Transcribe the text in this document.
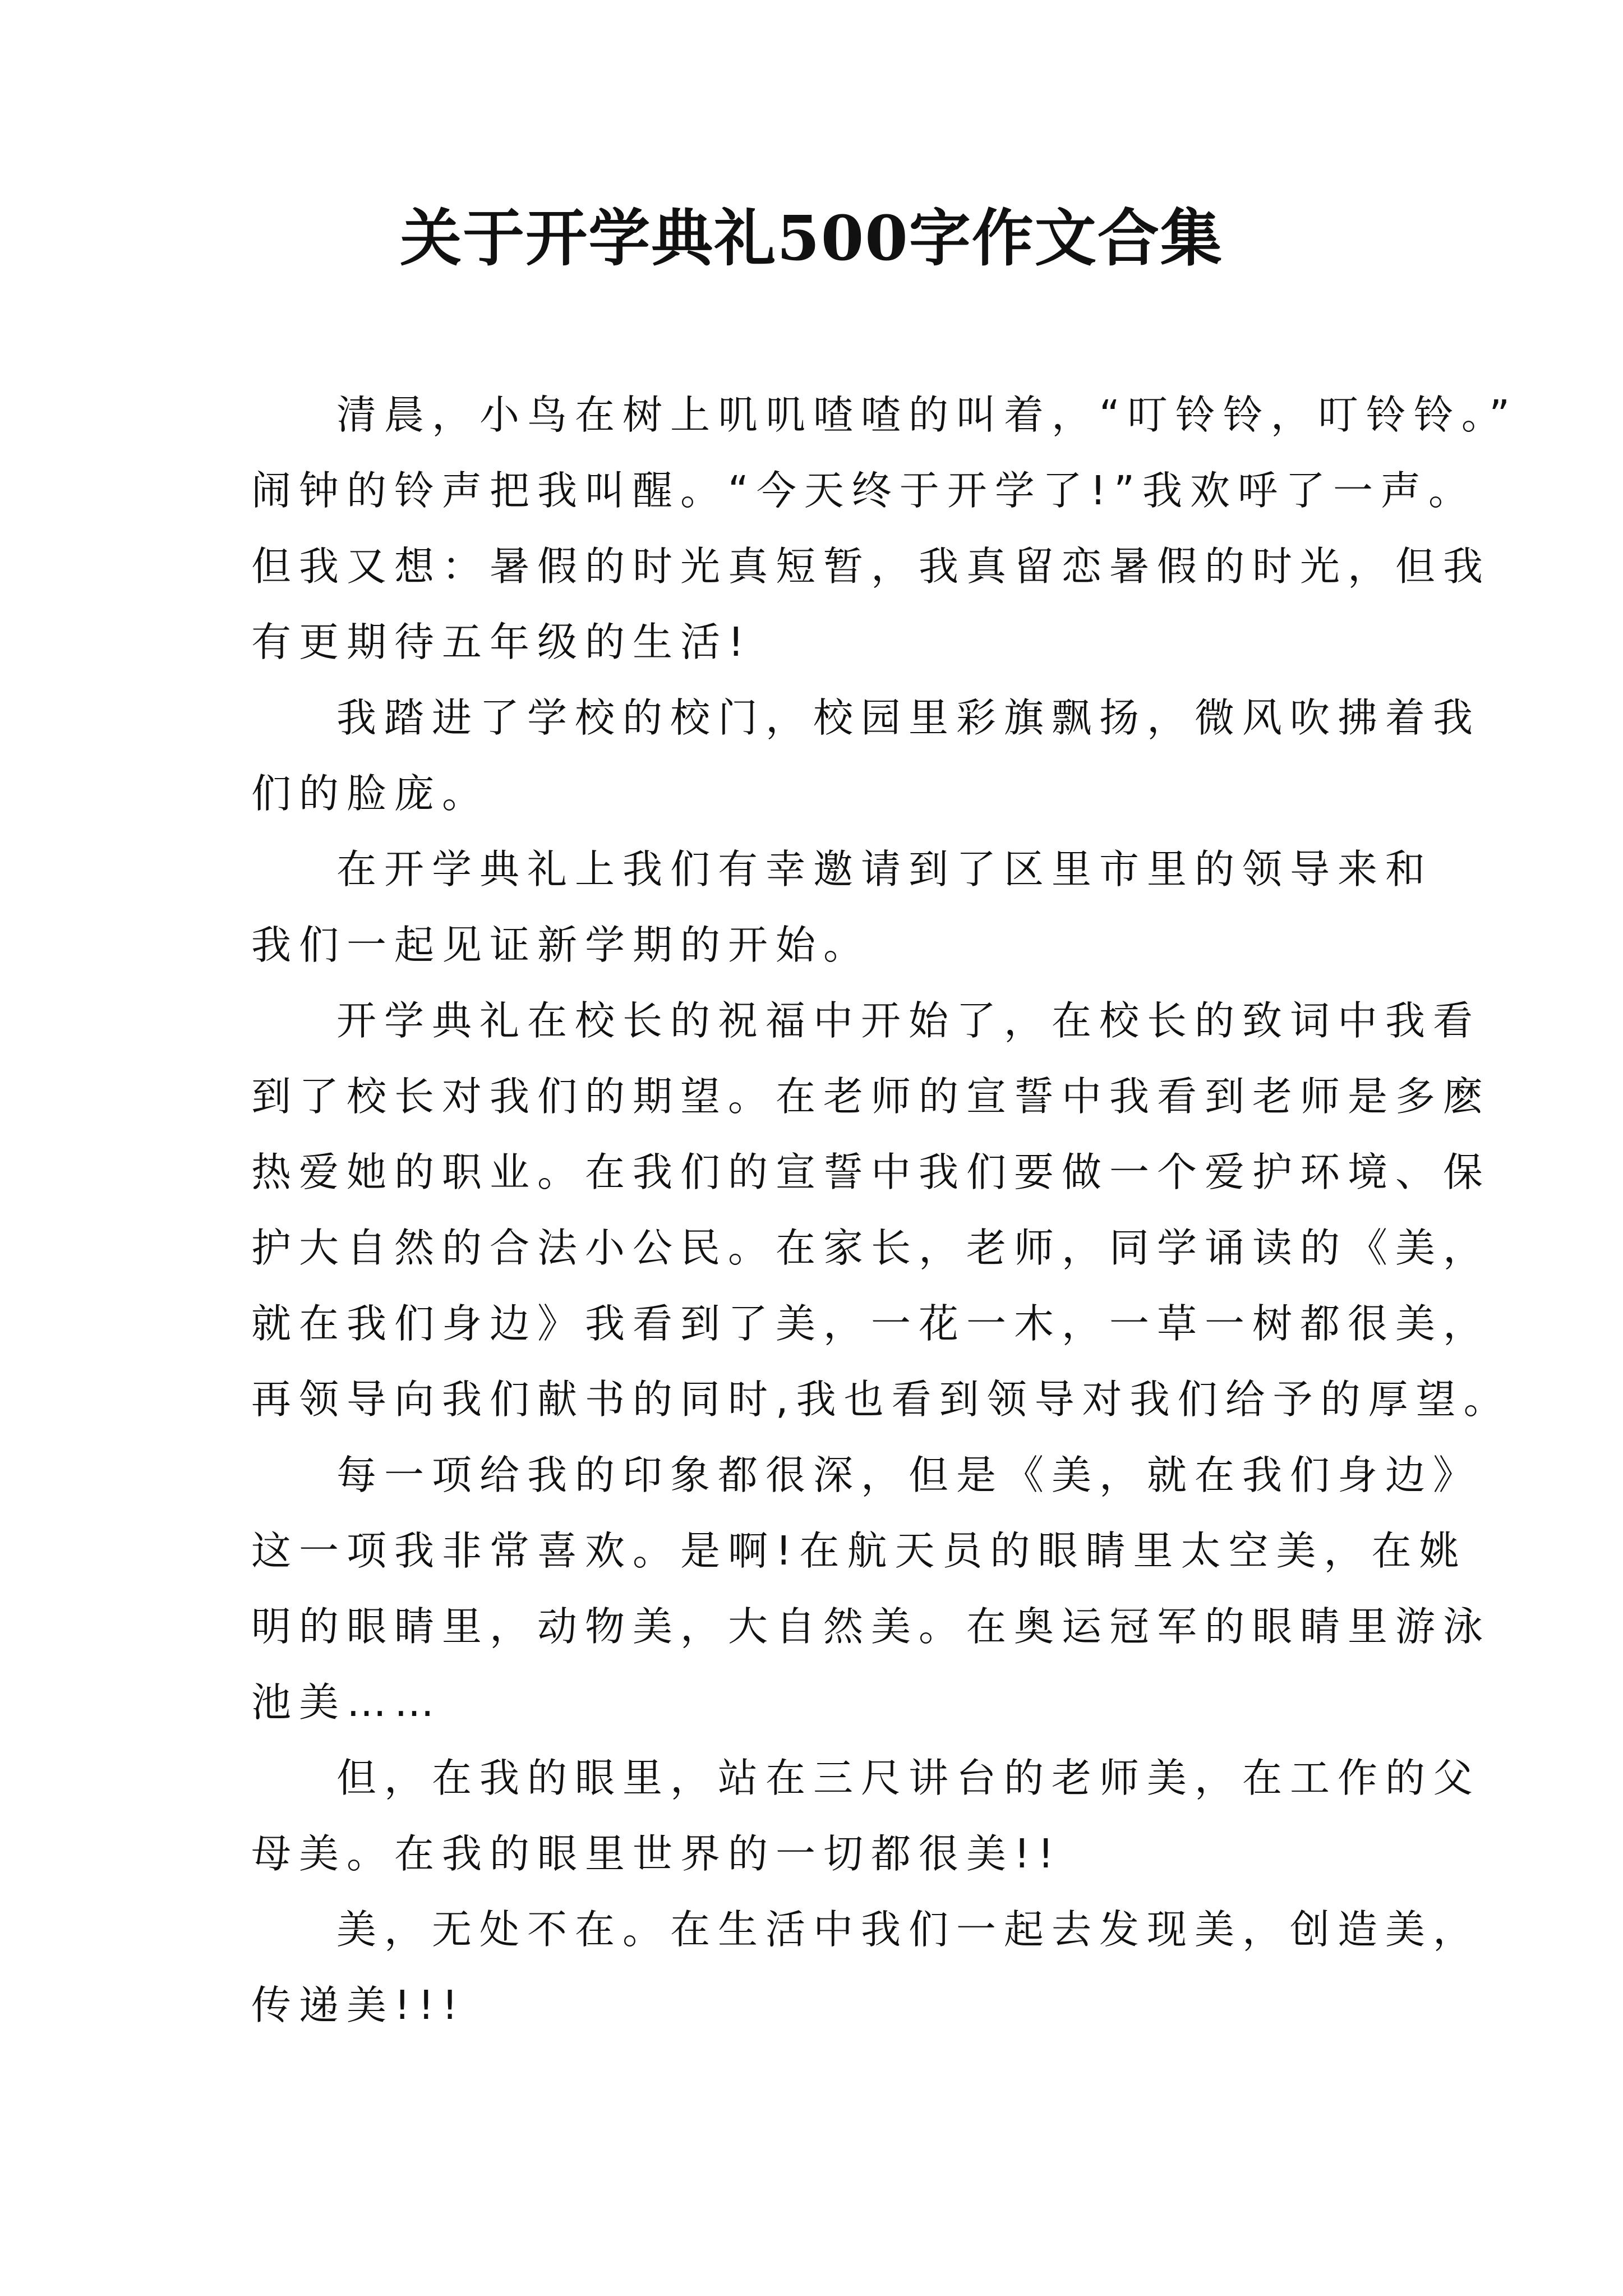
关于开学典礼500字作文合集
清晨，小鸟在树上叽叽喳喳的叫着，“叮铃铃，叮铃铃。”
闹钟的铃声把我叫醒。“今天终于开学了!”我欢呼了一声。
但我又想：暑假的时光真短暂，我真留恋暑假的时光，但我
有更期待五年级的生活!
我踏进了学校的校门，校园里彩旗飘扬，微风吹拂着我
们的脸庞。
在开学典礼上我们有幸邀请到了区里市里的领导来和
我们一起见证新学期的开始。
开学典礼在校长的祝福中开始了，在校长的致词中我看
到了校长对我们的期望。在老师的宣誓中我看到老师是多麽
热爱她的职业。在我们的宣誓中我们要做一个爱护环境、保
护大自然的合法小公民。在家长，老师，同学诵读的《美，
就在我们身边》我看到了美，一花一木，一草一树都很美，
再领导向我们献书的同时,我也看到领导对我们给予的厚望。
每一项给我的印象都很深，但是《美，就在我们身边》
这一项我非常喜欢。是啊!在航天员的眼睛里太空美，在姚
明的眼睛里，动物美，大自然美。在奥运冠军的眼睛里游泳
池美……
但，在我的眼里，站在三尺讲台的老师美，在工作的父
母美。在我的眼里世界的一切都很美!!
美，无处不在。在生活中我们一起去发现美，创造美，
传递美!!!
